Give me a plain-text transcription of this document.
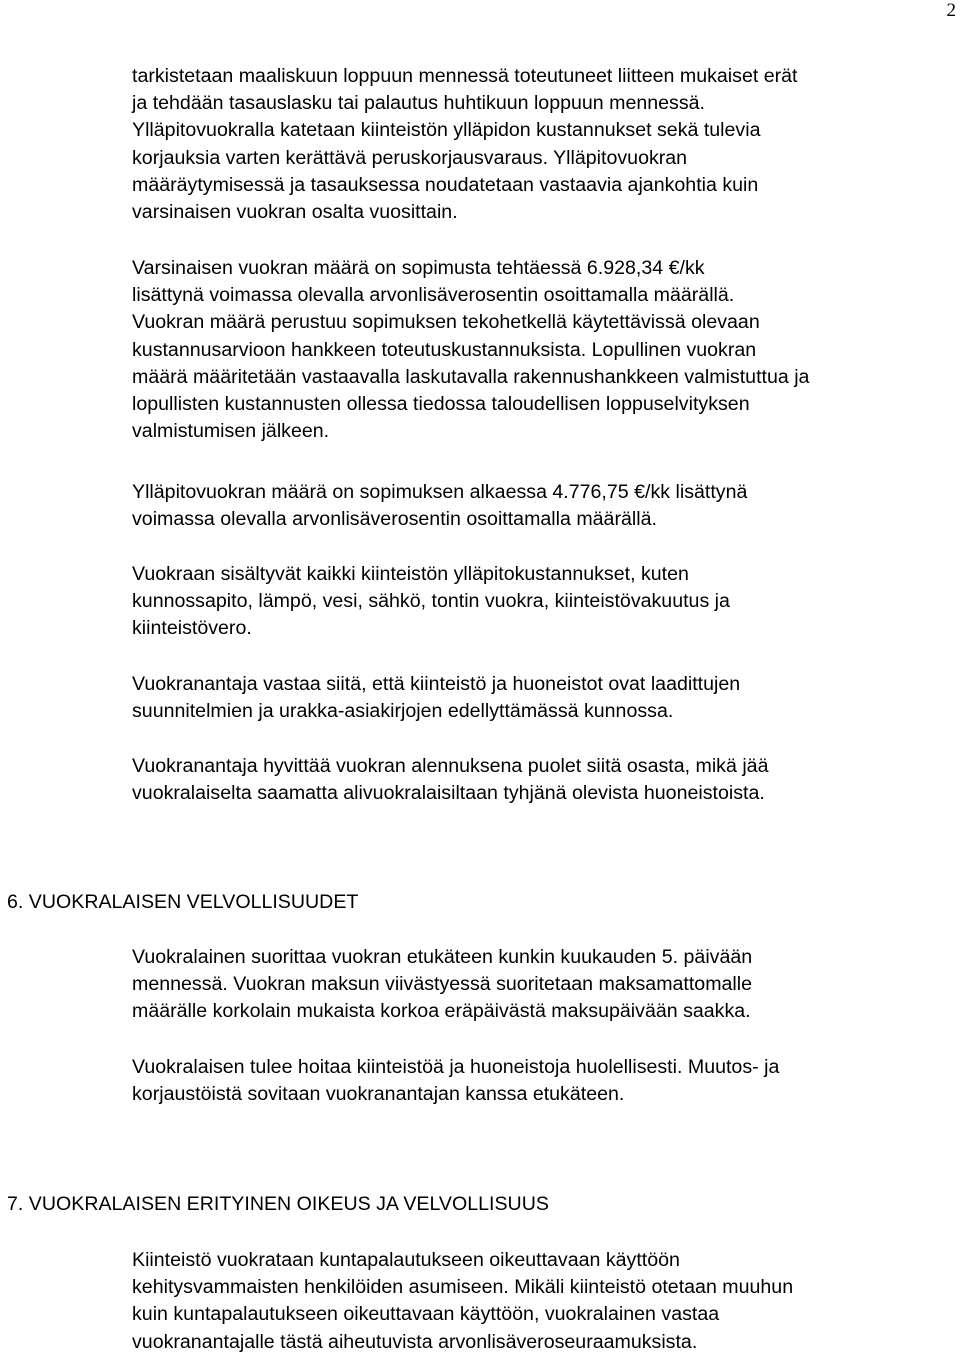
2
tarkistetaan maaliskuun loppuun mennessä toteutuneet liitteen mukaiset erät
ja tehdään tasauslasku tai palautus huhtikuun loppuun mennessä.
Ylläpitovuokralla katetaan kiinteistön ylläpidon kustannukset sekä tulevia
korjauksia varten kerättävä peruskorjausvaraus. Ylläpitovuokran
määräytymisessä ja tasauksessa noudatetaan vastaavia ajankohtia kuin
varsinaisen vuokran osalta vuosittain.
Varsinaisen vuokran määrä on sopimusta tehtäessä 6.928,34 €/kk
lisättynä voimassa olevalla arvonlisäverosentin osoittamalla määrällä.
Vuokran määrä perustuu sopimuksen tekohetkellä käytettävissä olevaan
kustannusarvioon hankkeen toteutuskustannuksista. Lopullinen vuokran
määrä määritetään vastaavalla laskutavalla rakennushankkeen valmistuttua ja
lopullisten kustannusten ollessa tiedossa taloudellisen loppuselvityksen
valmistumisen jälkeen.
Ylläpitovuokran määrä on sopimuksen alkaessa 4.776,75 €/kk lisättynä
voimassa olevalla arvonlisäverosentin osoittamalla määrällä.
Vuokraan sisältyvät kaikki kiinteistön ylläpitokustannukset, kuten
kunnossapito, lämpö, vesi, sähkö, tontin vuokra, kiinteistövakuutus ja
kiinteistövero.
Vuokranantaja vastaa siitä, että kiinteistö ja huoneistot ovat laadittujen
suunnitelmien ja urakka-asiakirjojen edellyttämässä kunnossa.
Vuokranantaja hyvittää vuokran alennuksena puolet siitä osasta, mikä jää
vuokralaiselta saamatta alivuokralaisiltaan tyhjänä olevista huoneistoista.
6. VUOKRALAISEN VELVOLLISUUDET
Vuokralainen suorittaa vuokran etukäteen kunkin kuukauden 5. päivään
mennessä. Vuokran maksun viivästyessä suoritetaan maksamattomalle
määrälle korkolain mukaista korkoa eräpäivästä maksupäivään saakka.
Vuokralaisen tulee hoitaa kiinteistöä ja huoneistoja huolellisesti. Muutos- ja
korjaustöistä sovitaan vuokranantajan kanssa etukäteen.
7. VUOKRALAISEN ERITYINEN OIKEUS JA VELVOLLISUUS
Kiinteistö vuokrataan kuntapalautukseen oikeuttavaan käyttöön
kehitysvammaisten henkilöiden asumiseen. Mikäli kiinteistö otetaan muuhun
kuin kuntapalautukseen oikeuttavaan käyttöön, vuokralainen vastaa
vuokranantajalle tästä aiheutuvista arvonlisäveroseuraamuksista.
